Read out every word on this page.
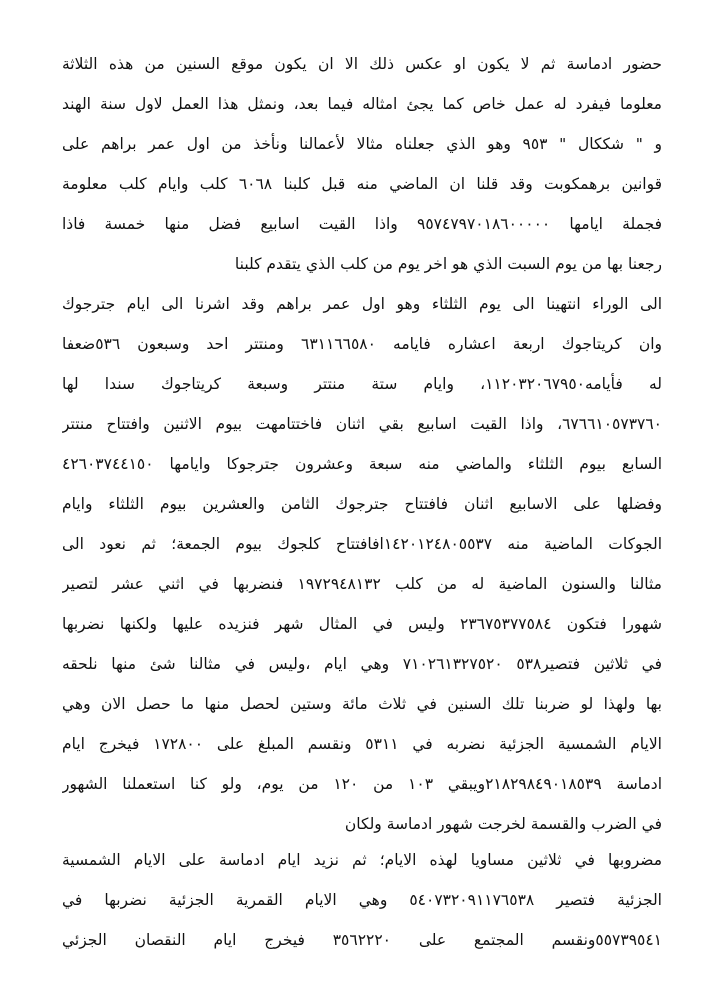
حضور ادماسة ثم لا يكون او عكس ذلك الا ان يكون موقع السنين من هذه الثلاثة
معلوما فيفرد له عمل خاص كما يجئ امثاله فيما بعد، ونمثل هذا العمل لاول سنة الهند
و " شككال " ٩٥٣ وهو الذي جعلناه مثالا لأعمالنا ونأخذ من اول عمر براهم على
قوانين برهمكوبت وقد قلنا ان الماضي منه قبل كلبنا ٦٠٦٨ كلب وايام كلب معلومة
فجملة ايامها ٩٥٧٤٧٩٧٠١٨٦٠٠٠٠٠ واذا القيت اسابيع فضل منها خمسة فاذا
رجعنا بها من يوم السبت الذي هو اخر يوم من كلب الذي يتقدم كلبنا
الى الوراء انتهينا الى يوم الثلثاء وهو اول عمر براهم وقد اشرنا الى ايام جترجوك
وان كريتاجوك اربعة اعشاره فايامه ٦٣١١٦٦٥٨٠ ومنتتر احد وسبعون ٥٣٦ضعفا
له فأيامه١١٢٠٣٢٠٦٧٩٥٠، وايام ستة منتتر وسبعة كريتاجوك سندا لها
٦٧٦٦١٠٥٧٣٧٦٠، واذا القيت اسابيع بقي اثنان فاختتامهت بيوم الاثنين وافتتاح منتتر
السابع بيوم الثلثاء والماضي منه سبعة وعشرون جترجوكا وايامها ٤٢٦٠٣٧٤٤١٥٠
وفضلها على الاسابيع اثنان فافتتاح جترجوك الثامن والعشرين بيوم الثلثاء وايام
الجوكات الماضية منه ١٤٢٠١٢٤٨٠٥٥٣٧افافتتاح كلجوك بيوم الجمعة؛ ثم نعود الى
مثالنا والسنون الماضية له من كلب ١٩٧٢٩٤٨١٣٢ فنضربها في اثني عشر لتصير
شهورا فتكون ٢٣٦٧٥٣٧٧٥٨٤ وليس في المثال شهر فنزيده عليها ولكنها نضربها
في ثلاثين فتصير٥٣٨ ٧١٠٢٦١٣٢٧٥٢٠ وهي ايام ،وليس في مثالنا شئ منها نلحقه
بها ولهذا لو ضربنا تلك السنين في ثلاث مائة وستين لحصل منها ما حصل الان وهي
الايام الشمسية الجزئية نضربه في ٥٣١١ ونقسم المبلغ على ١٧٢٨٠٠ فيخرج ايام
ادماسة ٢١٨٢٩٨٤٩٠١٨٥٣٩ويبقي ١٠٣ من ١٢٠ من يوم، ولو كنا استعملنا الشهور
في الضرب والقسمة لخرجت شهور ادماسة ولكان
مضروبها في ثلاثين مساويا لهذه الايام؛ ثم نزيد ايام ادماسة على الايام الشمسية
الجزئية فتصير ٥٤٠٧٣٢٠٩١١٧٦٥٣٨ وهي الايام القمرية الجزئية نضربها في
٥٥٧٣٩٥٤١ونقسم المجتمع على ٣٥٦٢٢٢٠ فيخرج ايام النقصان الجزئي
